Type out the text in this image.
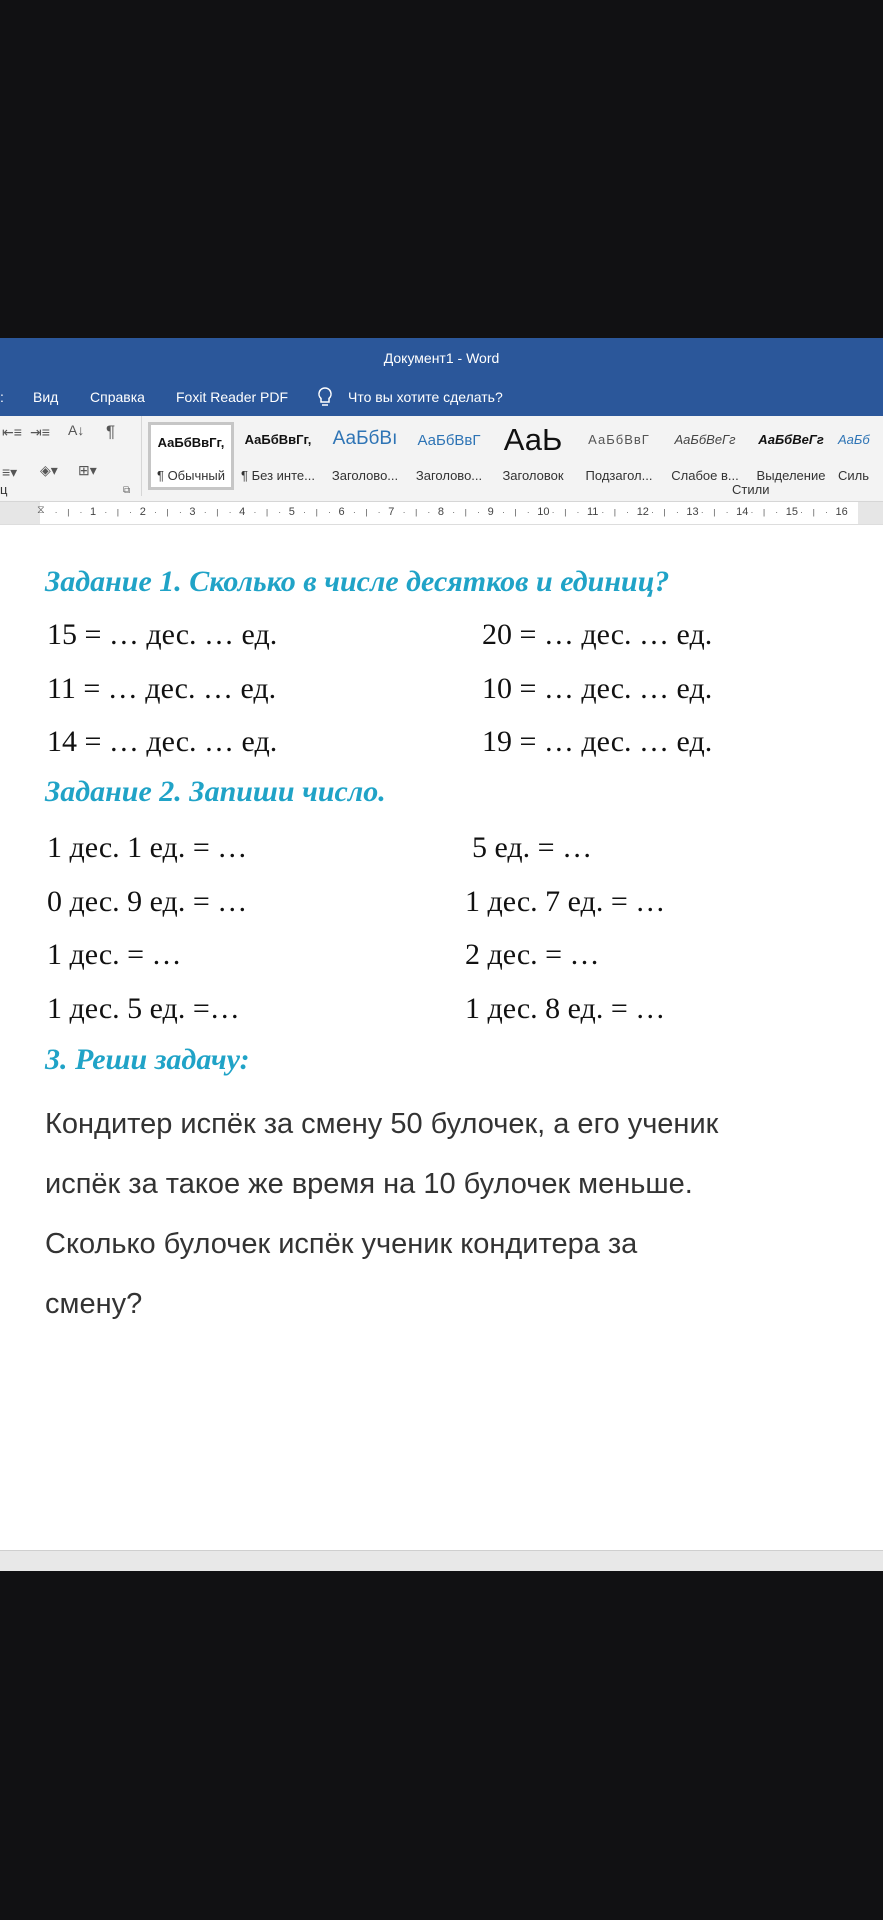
Документ1 - Word
: Вид Справка Foxit Reader PDF	Что вы хотите сделать?
⇤≡ ⇥≡ A↓ ¶
≡▾ ◈▾ ⊞▾
АаБбВвГг,
¶ Обычный
АаБбВвГг,
¶ Без инте...
АаБбВı
Заголово...
АаБбВвГ
Заголово...
АаЬ
Заголовок
АаБбВвГ
Подзагол...
АаБбВеГг
Слабое в...
АаБбВеГг
Выделение
АаБб
Силь
ц	⧉	Стили
⧖	1
·
|
·	2
·
|
·	3
·
|
·	4
·
|
·	5
·
|
·	6
·
|
·	7
·
|
·	8
·
|
·	9
·
|
·	10
·
|
·	11
·
|
·	12
·
|
·	13
·
|
·	14
·
|
·	15
·
|
·	16
·
|
·
Задание 1. Сколько в числе десятков и единиц?
15 = … дес. … ед.	20 = … дес. … ед.
11 = … дес. … ед.	10 = … дес. … ед.
14 = … дес. … ед.	19 = … дес. … ед.
Задание 2. Запиши число.
1 дес. 1 ед. = …	5 ед. = …
0 дес. 9 ед. = …	1 дес. 7 ед. = …
1 дес. = …	2 дес. = …
1 дес. 5 ед. =…	1 дес. 8 ед. = …
3. Реши задачу:
Кондитер испёк за смену 50 булочек, а его ученик
испёк за такое же время на 10 булочек меньше.
Сколько булочек испёк ученик кондитера за
смену?
